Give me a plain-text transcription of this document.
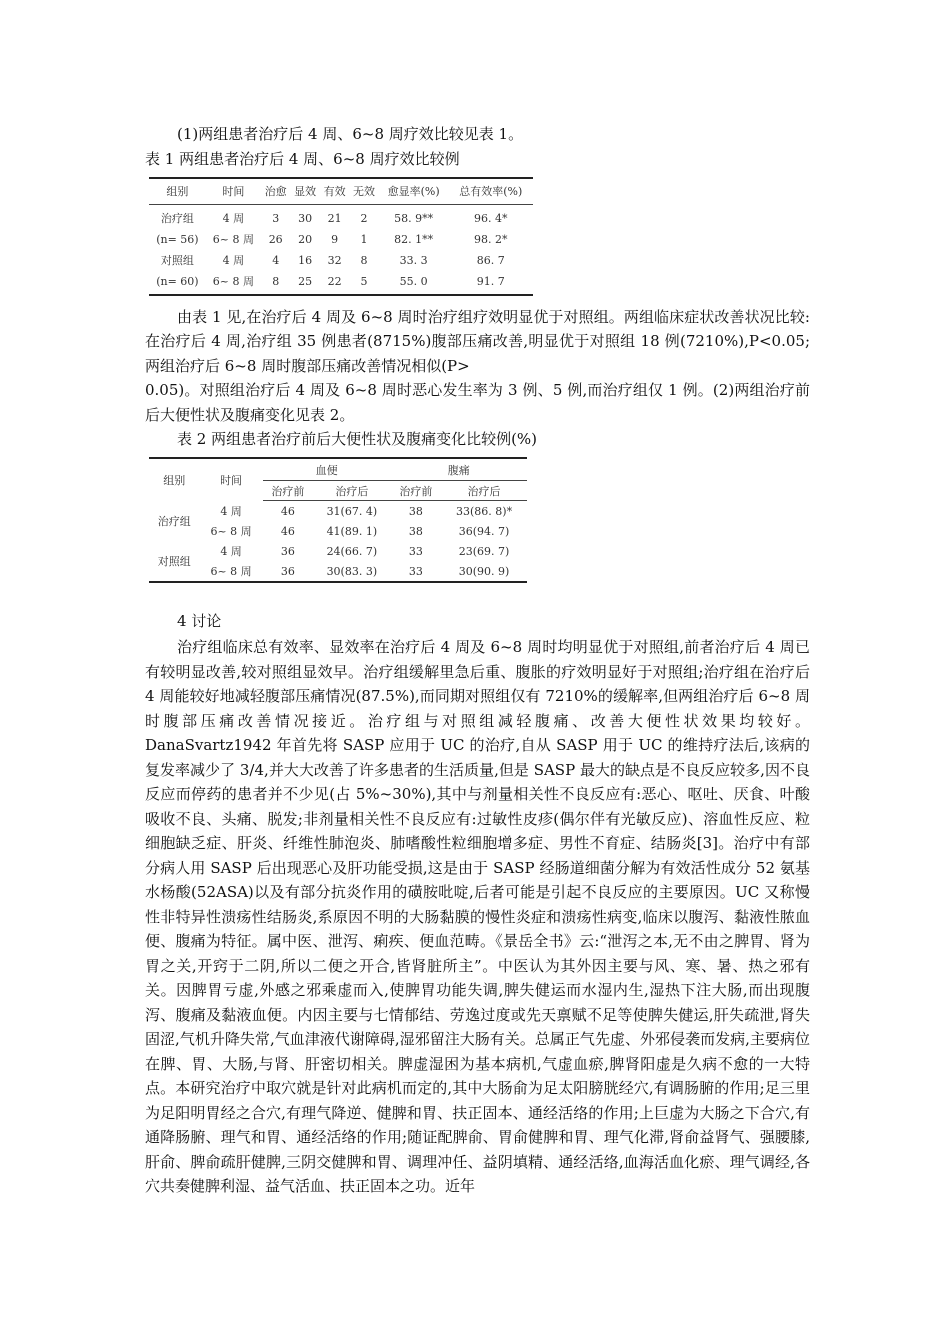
(1)两组患者治疗后 4 周、6~8 周疗效比较见表 1。

表 1 两组患者治疗后 4 周、6~8 周疗效比较例

组别	时间	治愈	显效	有效	无效	愈显率(%)	总有效率(%)
治疗组	4 周	3	30	21	2	58. 9**	96. 4*
(n= 56)	6~ 8 周	26	20	9	1	82. 1**	98. 2*
对照组	4 周	4	16	32	8	33. 3	86. 7
(n= 60)	6~ 8 周	8	25	22	5	55. 0	91. 7

由表 1 见,在治疗后 4 周及 6~8 周时治疗组疗效明显优于对照组。两组临床症状改善状况比较:在治疗后 4 周,治疗组 35 例患者(8715%)腹部压痛改善,明显优于对照组 18 例(7210%),P<0.05;两组治疗后 6~8 周时腹部压痛改善情况相似(P>

0.05)。对照组治疗后 4 周及 6~8 周时恶心发生率为 3 例、5 例,而治疗组仅 1 例。(2)两组治疗前后大便性状及腹痛变化见表 2。

表 2 两组患者治疗前后大便性状及腹痛变化比较例(%)

组别	时间	血便		腹痛	
		治疗前	治疗后	治疗前	治疗后
治疗组	4 周	46	31(67. 4)	38	33(86. 8)*
	6~ 8 周	46	41(89. 1)	38	36(94. 7)
对照组	4 周	36	24(66. 7)	33	23(69. 7)
	6~ 8 周	36	30(83. 3)	33	30(90. 9)

4 讨论

治疗组临床总有效率、显效率在治疗后 4 周及 6~8 周时均明显优于对照组,前者治疗后 4 周已有较明显改善,较对照组显效早。治疗组缓解里急后重、腹胀的疗效明显好于对照组;治疗组在治疗后 4 周能较好地减轻腹部压痛情况(87.5%),而同期对照组仅有 7210%的缓解率,但两组治疗后 6~8 周时腹部压痛改善情况接近。治疗组与对照组减轻腹痛、改善大便性状效果均较好。DanaSvartz1942 年首先将 SASP 应用于 UC 的治疗,自从 SASP 用于 UC 的维持疗法后,该病的复发率减少了 3/4,并大大改善了许多患者的生活质量,但是 SASP 最大的缺点是不良反应较多,因不良反应而停药的患者并不少见(占 5%~30%),其中与剂量相关性不良反应有:恶心、呕吐、厌食、叶酸吸收不良、头痛、脱发;非剂量相关性不良反应有:过敏性皮疹(偶尔伴有光敏反应)、溶血性反应、粒细胞缺乏症、肝炎、纤维性肺泡炎、肺嗜酸性粒细胞增多症、男性不育症、结肠炎[3]。治疗中有部分病人用 SASP 后出现恶心及肝功能受损,这是由于 SASP 经肠道细菌分解为有效活性成分 52 氨基水杨酸(52ASA)以及有部分抗炎作用的磺胺吡啶,后者可能是引起不良反应的主要原因。UC 又称慢性非特异性溃疡性结肠炎,系原因不明的大肠黏膜的慢性炎症和溃疡性病变,临床以腹泻、黏液性脓血便、腹痛为特征。属中医、泄泻、痢疾、便血范畴。《景岳全书》云:“泄泻之本,无不由之脾胃、肾为胃之关,开窍于二阴,所以二便之开合,皆肾脏所主”。中医认为其外因主要与风、寒、暑、热之邪有关。因脾胃亏虚,外感之邪乘虚而入,使脾胃功能失调,脾失健运而水湿内生,湿热下注大肠,而出现腹泻、腹痛及黏液血便。内因主要与七情郁结、劳逸过度或先天禀赋不足等使脾失健运,肝失疏泄,肾失固涩,气机升降失常,气血津液代谢障碍,湿邪留注大肠有关。总属正气先虚、外邪侵袭而发病,主要病位在脾、胃、大肠,与肾、肝密切相关。脾虚湿困为基本病机,气虚血瘀,脾肾阳虚是久病不愈的一大特点。本研究治疗中取穴就是针对此病机而定的,其中大肠俞为足太阳膀胱经穴,有调肠腑的作用;足三里为足阳明胃经之合穴,有理气降逆、健脾和胃、扶正固本、通经活络的作用;上巨虚为大肠之下合穴,有通降肠腑、理气和胃、通经活络的作用;随证配脾俞、胃俞健脾和胃、理气化滞,肾俞益肾气、强腰膝,肝俞、脾俞疏肝健脾,三阴交健脾和胃、调理冲任、益阴填精、通经活络,血海活血化瘀、理气调经,各穴共奏健脾利湿、益气活血、扶正固本之功。近年
